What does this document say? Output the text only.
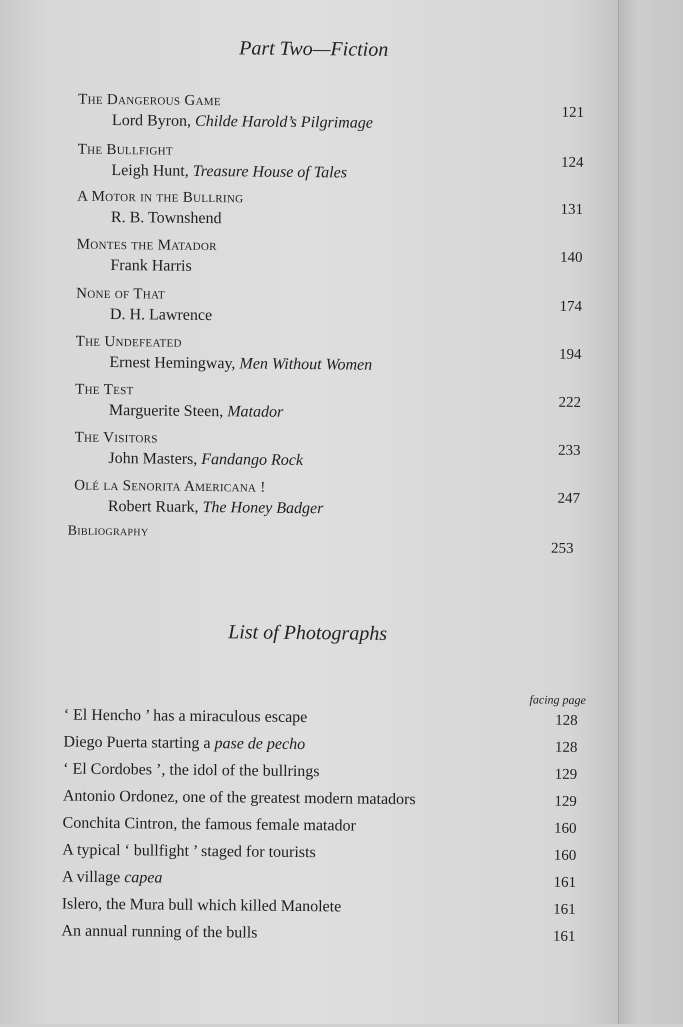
Part Two—Fiction
The Dangerous Game
Lord Byron, Childe Harold’s Pilgrimage
121
The Bullfight
Leigh Hunt, Treasure House of Tales
124
A Motor in the Bullring
R. B. Townshend	131
Montes the Matador
Frank Harris	140
None of That
D. H. Lawrence	174
The Undefeated
Ernest Hemingway, Men Without Women
194
The Test
Marguerite Steen, Matador
222
The Visitors
John Masters, Fandango Rock
233
Olé la Senorita Americana !
Robert Ruark, The Honey Badger
247
Bibliography
253
List of Photographs
facing page
‘ El Hencho ’ has a miraculous escape	128
Diego Puerta starting a pase de pecho	128
‘ El Cordobes ’, the idol of the bullrings	129
Antonio Ordonez, one of the greatest modern matadors	129
Conchita Cintron, the famous female matador	160
A typical ‘ bullfight ’ staged for tourists	160
A village capea	161
Islero, the Mura bull which killed Manolete	161
An annual running of the bulls	161
